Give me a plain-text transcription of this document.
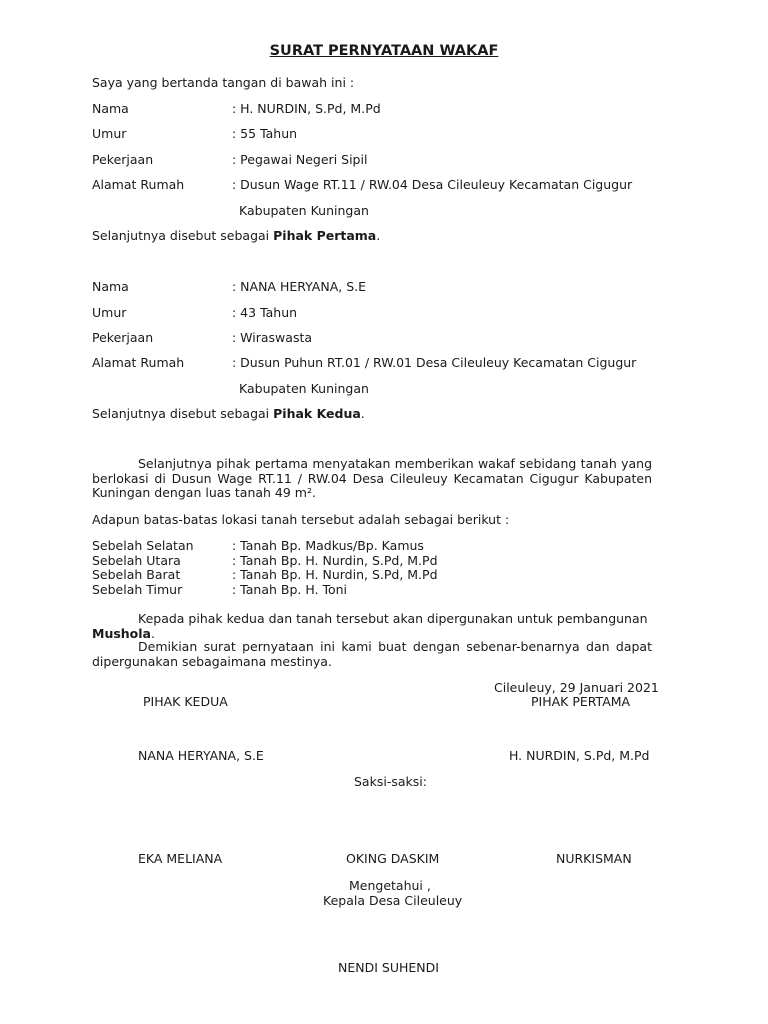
SURAT PERNYATAAN WAKAF
Saya yang bertanda tangan di bawah ini :
Nama	: H. NURDIN, S.Pd, M.Pd
Umur	: 55 Tahun
Pekerjaan	: Pegawai Negeri Sipil
Alamat Rumah	: Dusun Wage RT.11 / RW.04 Desa Cileuleuy Kecamatan Cigugur
Kabupaten Kuningan
Selanjutnya disebut sebagai Pihak Pertama.
Nama	: NANA HERYANA, S.E
Umur	: 43 Tahun
Pekerjaan	: Wiraswasta
Alamat Rumah	: Dusun Puhun RT.01 / RW.01 Desa Cileuleuy Kecamatan Cigugur
Kabupaten Kuningan
Selanjutnya disebut sebagai Pihak Kedua.
Selanjutnya pihak pertama menyatakan memberikan wakaf sebidang tanah yang berlokasi di Dusun Wage RT.11 / RW.04 Desa Cileuleuy Kecamatan Cigugur Kabupaten Kuningan dengan luas tanah 49 m².
Adapun batas-batas lokasi tanah tersebut adalah sebagai berikut :
Sebelah Selatan	: Tanah Bp. Madkus/Bp. Kamus
Sebelah Utara	: Tanah Bp. H. Nurdin, S.Pd, M.Pd
Sebelah Barat	: Tanah Bp. H. Nurdin, S.Pd, M.Pd
Sebelah Timur	: Tanah Bp. H. Toni
Kepada pihak kedua dan tanah tersebut akan dipergunakan untuk pembangunan
Mushola.
Demikian surat pernyataan ini kami buat dengan sebenar-benarnya dan dapat dipergunakan sebagaimana mestinya.
Cileuleuy, 29 Januari 2021
PIHAK KEDUA	PIHAK PERTAMA
NANA HERYANA, S.E	H. NURDIN, S.Pd, M.Pd
Saksi-saksi:
EKA MELIANA	OKING DASKIM	NURKISMAN
Mengetahui ,
Kepala Desa Cileuleuy
NENDI SUHENDI
